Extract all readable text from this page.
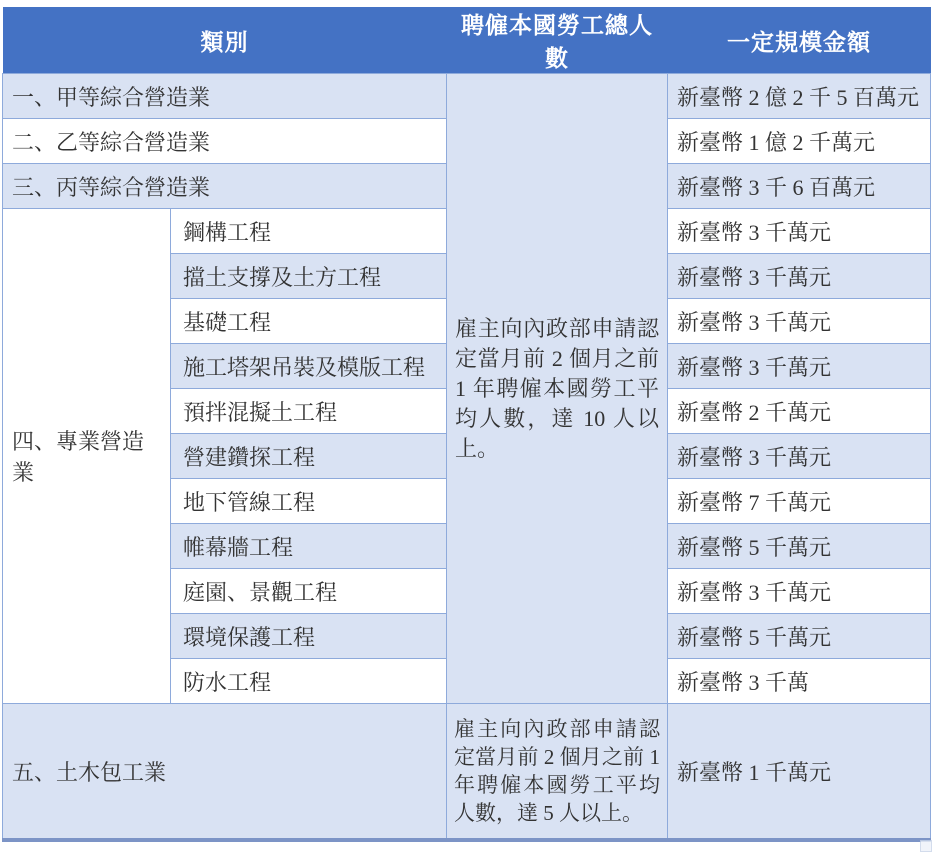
類別		聘僱本國勞工總人數	一定規模金額
一、甲等綜合營造業		雇主向內政部申請認定當月前 2 個月之前 1 年聘僱本國勞工平均人數，達 10 人以上。	新臺幣 2 億 2 千 5 百萬元
二、乙等綜合營造業			新臺幣 1 億 2 千萬元
三、丙等綜合營造業			新臺幣 3 千 6 百萬元
四、專業營造業	鋼構工程		新臺幣 3 千萬元
	擋土支撐及土方工程		新臺幣 3 千萬元
	基礎工程		新臺幣 3 千萬元
	施工塔架吊裝及模版工程		新臺幣 3 千萬元
	預拌混擬土工程		新臺幣 2 千萬元
	營建鑽探工程		新臺幣 3 千萬元
	地下管線工程		新臺幣 7 千萬元
	帷幕牆工程		新臺幣 5 千萬元
	庭園、景觀工程		新臺幣 3 千萬元
	環境保護工程		新臺幣 5 千萬元
	防水工程		新臺幣 3 千萬
五、土木包工業		雇主向內政部申請認定當月前 2 個月之前 1 年聘僱本國勞工平均人數，達 5 人以上。	新臺幣 1 千萬元
